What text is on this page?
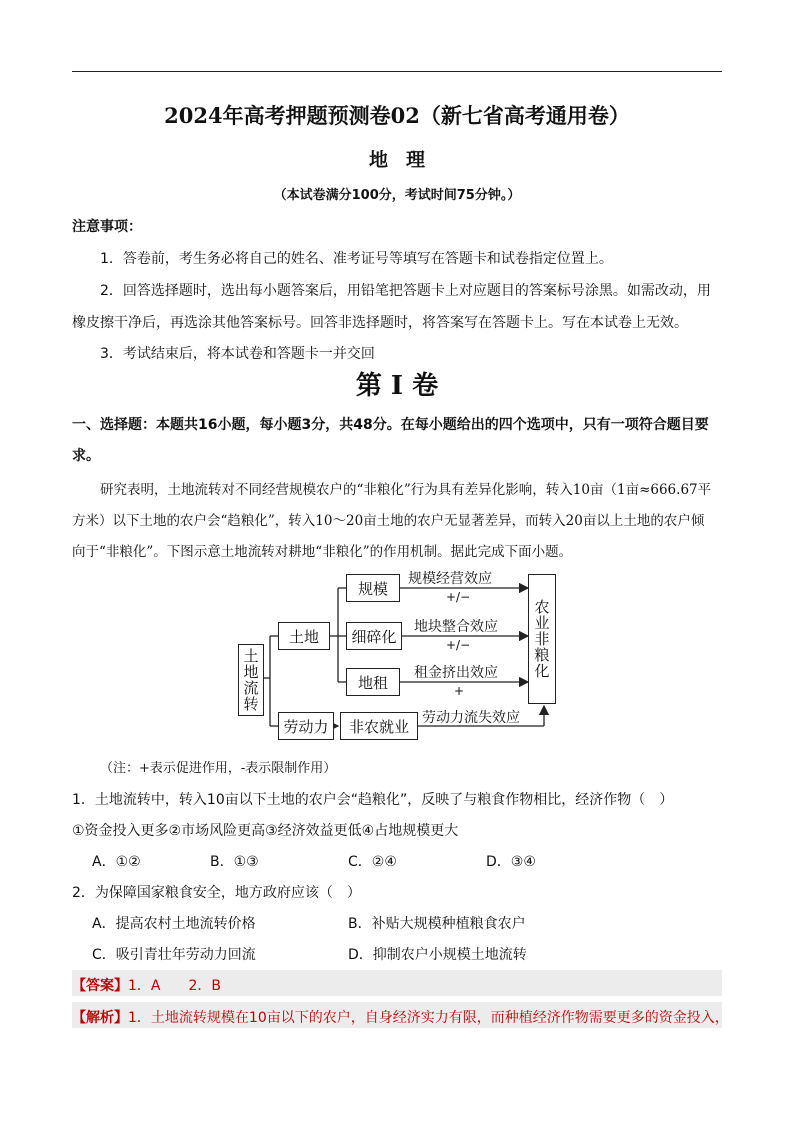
2024年高考押题预测卷02（新七省高考通用卷）
地理
（本试卷满分100分，考试时间75分钟。）
注意事项：
1．答卷前，考生务必将自己的姓名、准考证号等填写在答题卡和试卷指定位置上。
2．回答选择题时，选出每小题答案后，用铅笔把答题卡上对应题目的答案标号涂黑。如需改动，用
橡皮擦干净后，再选涂其他答案标号。回答非选择题时，将答案写在答题卡上。写在本试卷上无效。
3．考试结束后，将本试卷和答题卡一并交回
第 I 卷
一、选择题：本题共16小题，每小题3分，共48分。在每小题给出的四个选项中，只有一项符合题目要
求。
研究表明，土地流转对不同经营规模农户的“非粮化”行为具有差异化影响，转入10亩（1亩≈666.67平
方米）以下土地的农户会“趋粮化”，转入10～20亩土地的农户无显著差异，而转入20亩以上土地的农户倾
向于“非粮化”。下图示意土地流转对耕地“非粮化”的作用机制。据此完成下面小题。
土地流转
土地
劳动力
规模
细碎化
地租
非农就业
农业非粮化
规模经营效应
+/−
地块整合效应
+/−
租金挤出效应
+
劳动力流失效应
（注：+表示促进作用，-表示限制作用）
1．土地流转中，转入10亩以下土地的农户会“趋粮化”，反映了与粮食作物相比，经济作物（　）
①资金投入更多②市场风险更高③经济效益更低④占地规模更大
A．①②	B．①③	C．②④	D．③④
2．为保障国家粮食安全，地方政府应该（　）
A．提高农村土地流转价格	B．补贴大规模种植粮食农户
C．吸引青壮年劳动力回流	D．抑制农户小规模土地流转
【答案】1．A　　2．B
【解析】1．土地流转规模在10亩以下的农户，自身经济实力有限，而种植经济作物需要更多的资金投入，
